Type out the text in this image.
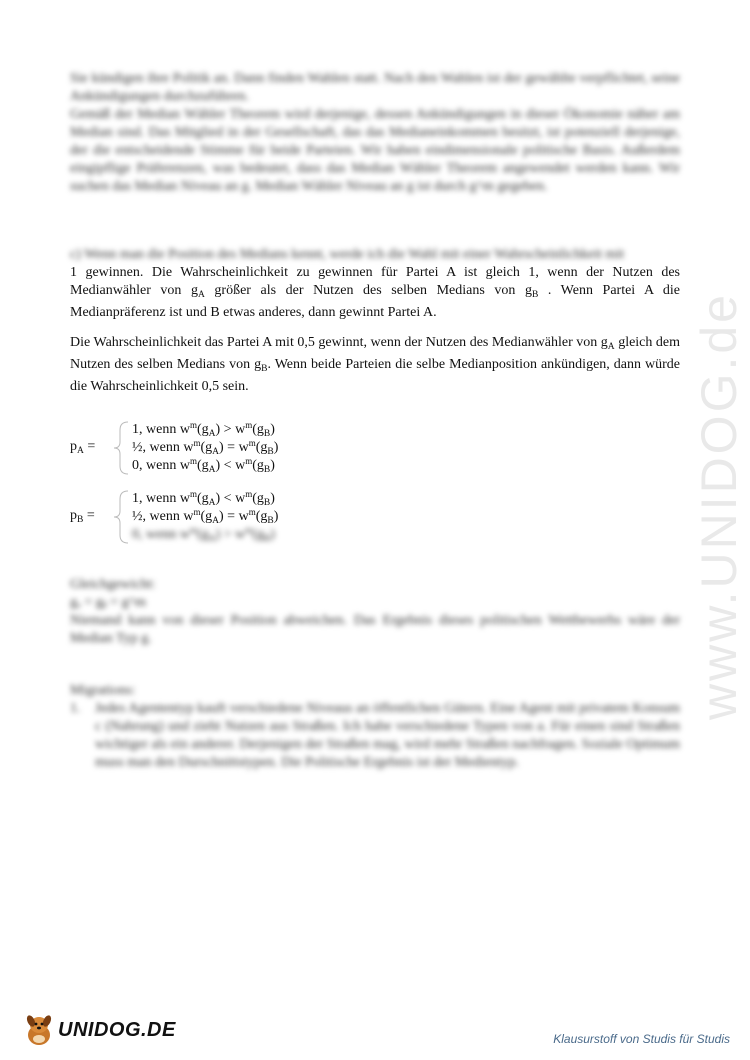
www.UNIDOG.de
Sie kündigen ihre Politik an. Dann finden Wahlen statt. Nach den Wahlen ist der gewählte verpflichtet, seine Ankündigungen durchzuführen.
Gemäß der Median Wähler Theorem wird derjenige, dessen Ankündigungen in dieser Ökonomie näher am Median sind. Das Mitglied in der Gesellschaft, das das Medianeinkommen besitzt, ist potenziell derjenige, der die entscheidende Stimme für beide Parteien. Wir haben eindimensionale politische Basis. Außerdem eingipflige Präferenzen, was bedeutet, dass das Median Wähler Theorem angewendet werden kann. Wir suchen das Median Niveau an g. Median Wähler Niveau an g ist durch g^m gegeben.
c) Wenn man die Position des Medians kennt, werde ich die Wahl mit einer Wahrscheinlichkeit mit
1 gewinnen. Die Wahrscheinlichkeit zu gewinnen für Partei A ist gleich 1, wenn der Nutzen des Medianwähler von $g_A$ größer als der Nutzen des selben Medians von $g_B$ . Wenn Partei A die Medianpräferenz ist und B etwas anderes, dann gewinnt Partei A.
Die Wahrscheinlichkeit das Partei A mit 0,5 gewinnt, wenn der Nutzen des Medianwähler von $g_A$ gleich dem Nutzen des selben Medians von $g_B$. Wenn beide Parteien die selbe Medianposition ankündigen, dann würde die Wahrscheinlichkeit 0,5 sein.
$p_A$ =
1, wenn $w^m(g_A) > w^m(g_B)$
½, wenn $w^m(g_A) = w^m(g_B)$
0, wenn $w^m(g_A) < w^m(g_B)$
$p_B$ =
1, wenn $w^m(g_A) < w^m(g_B)$
½, wenn $w^m(g_A) = w^m(g_B)$
0, wenn $w^m(g_A) > w^m(g_B)$
Gleichgewicht:
gₐ = gᵦ = g^m
Niemand kann von dieser Position abweichen. Das Ergebnis dieses politischen Wettbewerbs wäre der Median Typ g.
Migrations:
1. Jedes Agententyp kauft verschiedene Niveaus an öffentlichen Gütern. Eine Agent mit privatem Konsum c (Nahrung) und zieht Nutzen aus Straßen. Ich habe verschiedene Typen von a. Für einen sind Straßen wichtiger als ein anderer. Derjenigen der Straßen mag, wird mehr Straßen nachfragen. Soziale Optimum muss man den Durschnittstypen. Die Politische Ergebnis ist der Medientyp.
UNIDOG.DE	Klausurstoff von Studis für Studis
